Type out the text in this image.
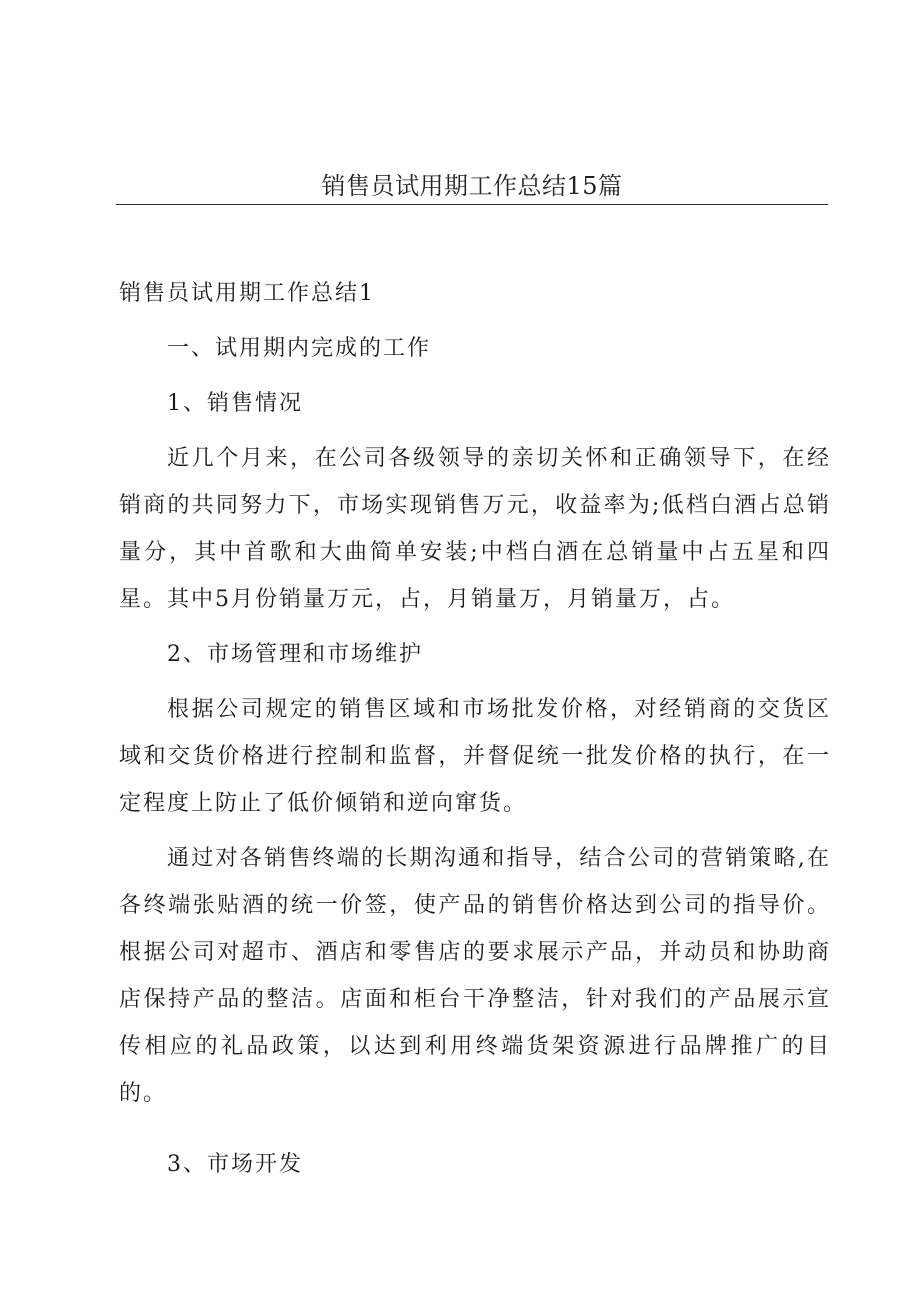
销售员试用期工作总结15篇

销售员试用期工作总结1

一、试用期内完成的工作

1、销售情况

近几个月来，在公司各级领导的亲切关怀和正确领导下，在经销商的共同努力下，市场实现销售万元，收益率为;低档白酒占总销量分，其中首歌和大曲简单安装;中档白酒在总销量中占五星和四星。其中5月份销量万元，占，月销量万，月销量万，占。

2、市场管理和市场维护

根据公司规定的销售区域和市场批发价格，对经销商的交货区域和交货价格进行控制和监督，并督促统一批发价格的执行，在一定程度上防止了低价倾销和逆向窜货。

通过对各销售终端的长期沟通和指导，结合公司的营销策略,在各终端张贴酒的统一价签，使产品的销售价格达到公司的指导价。根据公司对超市、酒店和零售店的要求展示产品，并动员和协助商店保持产品的整洁。店面和柜台干净整洁，针对我们的产品展示宣传相应的礼品政策，以达到利用终端货架资源进行品牌推广的目的。

3、市场开发
